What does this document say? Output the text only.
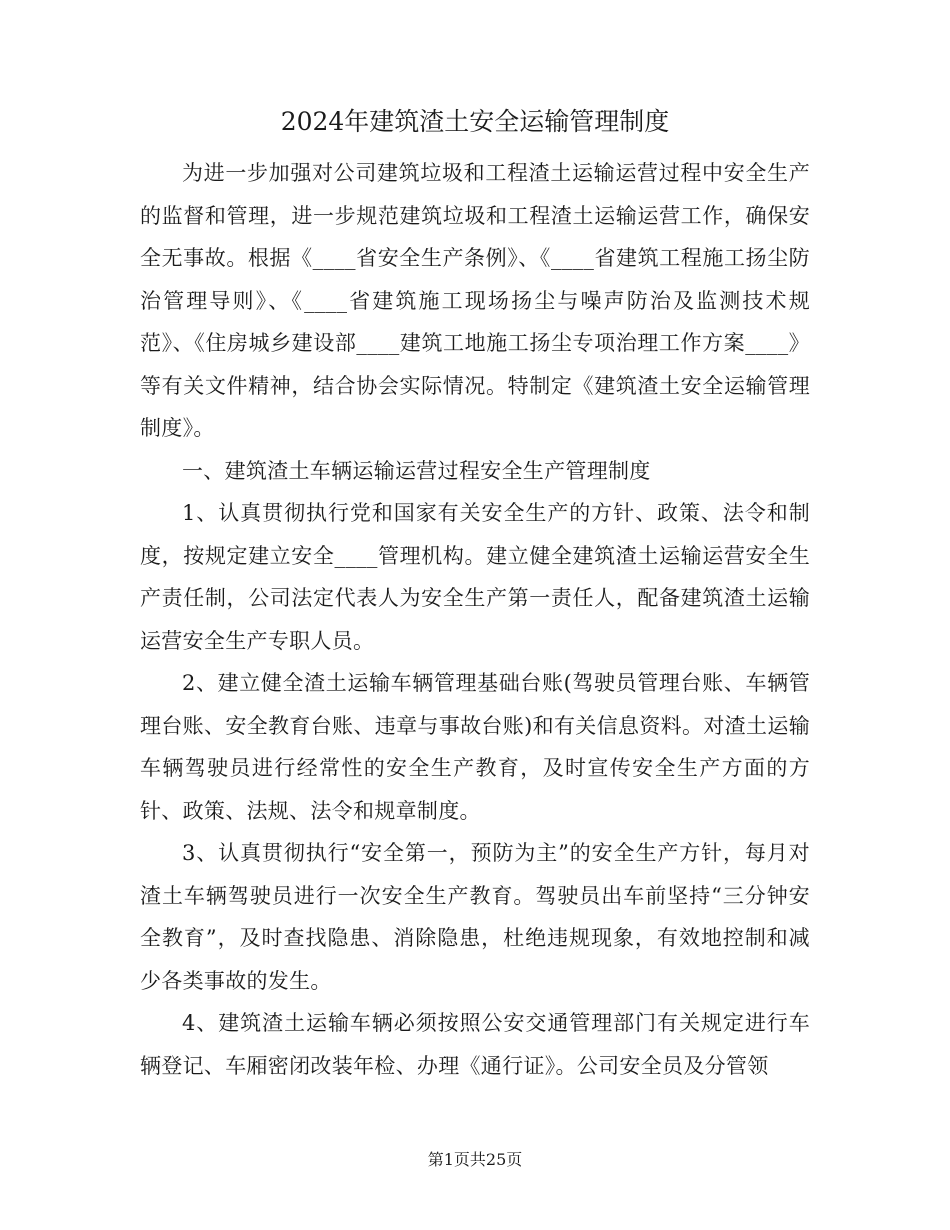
2024年建筑渣土安全运输管理制度

为进一步加强对公司建筑垃圾和工程渣土运输运营过程中安全生产的监督和管理，进一步规范建筑垃圾和工程渣土运输运营工作，确保安全无事故。根据《____省安全生产条例》、《____省建筑工程施工扬尘防治管理导则》、《____省建筑施工现场扬尘与噪声防治及监测技术规范》、《住房城乡建设部____建筑工地施工扬尘专项治理工作方案____》等有关文件精神，结合协会实际情况。特制定《建筑渣土安全运输管理制度》。

一、建筑渣土车辆运输运营过程安全生产管理制度

1、认真贯彻执行党和国家有关安全生产的方针、政策、法令和制度，按规定建立安全____管理机构。建立健全建筑渣土运输运营安全生产责任制，公司法定代表人为安全生产第一责任人，配备建筑渣土运输运营安全生产专职人员。

2、建立健全渣土运输车辆管理基础台账(驾驶员管理台账、车辆管理台账、安全教育台账、违章与事故台账)和有关信息资料。对渣土运输车辆驾驶员进行经常性的安全生产教育，及时宣传安全生产方面的方针、政策、法规、法令和规章制度。

3、认真贯彻执行“安全第一，预防为主”的安全生产方针，每月对渣土车辆驾驶员进行一次安全生产教育。驾驶员出车前坚持“三分钟安全教育”，及时查找隐患、消除隐患，杜绝违规现象，有效地控制和减少各类事故的发生。

4、建筑渣土运输车辆必须按照公安交通管理部门有关规定进行车辆登记、车厢密闭改装年检、办理《通行证》。公司安全员及分管领

第1页共25页
